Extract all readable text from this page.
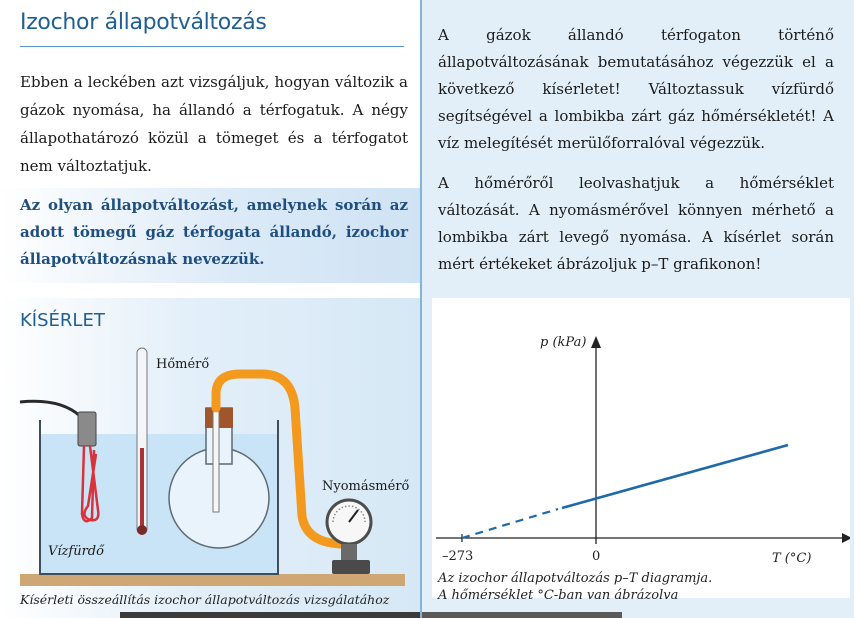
Izochor állapotváltozás

Ebben a leckében azt vizsgáljuk, hogyan változik a gázok nyomása, ha állandó a térfogatuk. A négy állapothatározó közül a tömeget és a térfogatot nem változtatjuk.

Az olyan állapotváltozást, amelynek során az adott tömegű gáz térfogata állandó, izochor állapotváltozásnak nevezzük.

KÍSÉRLET
Hőmérő
Nyomásmérő
Vízfürdő

Kísérleti összeállítás izochor állapotváltozás vizsgálatához

A gázok állandó térfogaton történő állapotváltozásának bemutatásához végezzük el a következő kísérletet! Változtassuk vízfürdő segítségével a lombikba zárt gáz hőmérsékletét! A víz melegítését merülőforralóval végezzük.

A hőmérőről leolvashatjuk a hőmérséklet változását. A nyomásmérővel könnyen mérhető a lombikba zárt levegő nyomása. A kísérlet során mért értékeket ábrázoljuk p–T grafikonon!

p (kPa)
T (°C)
–273	0

Az izochor állapotváltozás p–T diagramja.
A hőmérséklet °C-ban van ábrázolva
